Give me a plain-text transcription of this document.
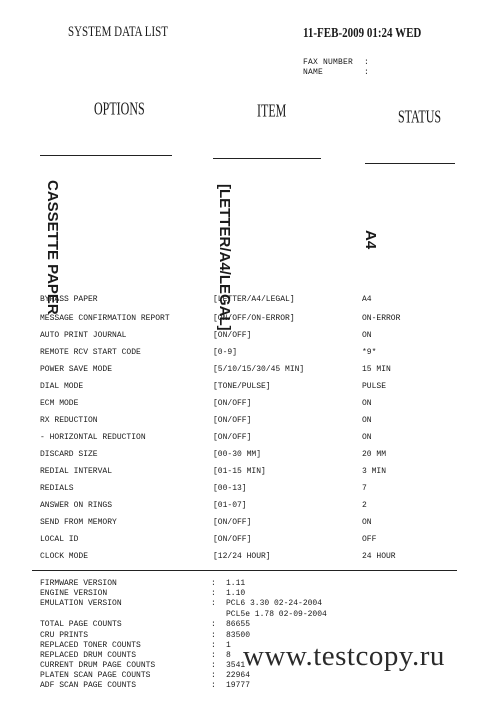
SYSTEM DATA LIST	11-FEB-2009 01:24 WED
FAX NUMBER :
NAME	:
OPTIONS	ITEM	STATUS
CASSETTE PAPER	[LETTER/A4/LEGAL]	A4
BYPASS PAPER	[LETTER/A4/LEGAL]	A4
MESSAGE CONFIRMATION REPORT	[ON/OFF/ON-ERROR]	ON-ERROR
AUTO PRINT JOURNAL	[ON/OFF]	ON
REMOTE RCV START CODE	[0-9]	*9*
POWER SAVE MODE	[5/10/15/30/45 MIN]	15 MIN
DIAL MODE	[TONE/PULSE]	PULSE
ECM MODE	[ON/OFF]	ON
RX REDUCTION	[ON/OFF]	ON
- HORIZONTAL REDUCTION	[ON/OFF]	ON
DISCARD SIZE	[00-30 MM]	20 MM
REDIAL INTERVAL	[01-15 MIN]	3 MIN
REDIALS	[00-13]	7
ANSWER ON RINGS	[01-07]	2
SEND FROM MEMORY	[ON/OFF]	ON
LOCAL ID	[ON/OFF]	OFF
CLOCK MODE	[12/24 HOUR]	24 HOUR
FIRMWARE VERSION	: 1.11
ENGINE VERSION	: 1.10
EMULATION VERSION	: PCL6 3.30 02-24-2004
PCL5e 1.78 02-09-2004
TOTAL PAGE COUNTS	: 86655
CRU PRINTS	: 83500
REPLACED TONER COUNTS	: 1
REPLACED DRUM COUNTS	: 8
CURRENT DRUM PAGE COUNTS	: 3541
PLATEN SCAN PAGE COUNTS	: 22964
ADF SCAN PAGE COUNTS	: 19777
www.testcopy.ru
